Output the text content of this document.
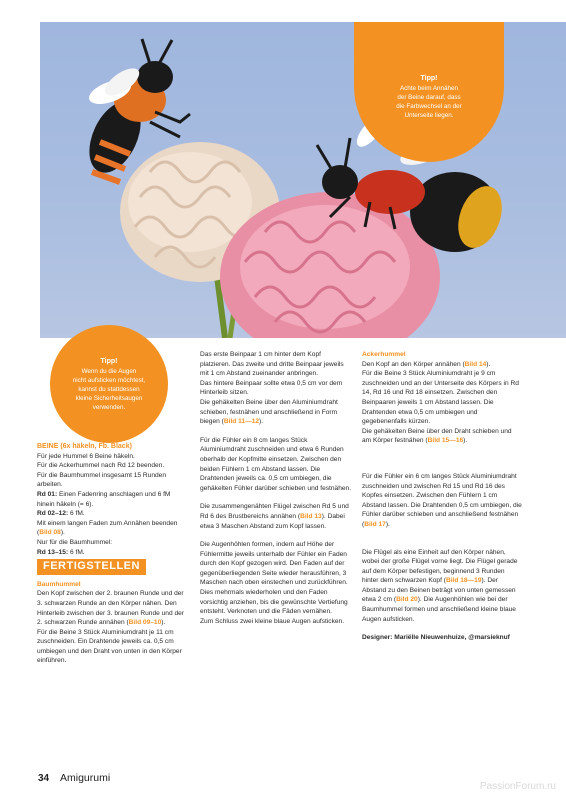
Tipp!
Achte beim Annähen
der Beine darauf, dass
die Farbwechsel an der
Unterseite liegen.
Tipp!
Wenn du die Augen
nicht aufsticken möchtest,
kannst du stattdessen
kleine Sicherheitsaugen
verwenden.
BEINE (6x häkeln, Fb. Black)
Für jede Hummel 6 Beine häkeln.
Für die Ackerhummel nach Rd 12 beenden.
Für die Baumhummel insgesamt 15 Runden arbeiten.
Rd 01: Einen Fadenring anschlagen und 6 fM hinein häkeln (= 6).
Rd 02–12: 6 fM.
Mit einem langen Faden zum Annähen beenden (Bild 08).
Nur für die Baumhummel:
Rd 13–15: 6 fM.
FERTIGSTELLEN
Baumhummel
Den Kopf zwischen der 2. braunen Runde und der 3. schwarzen Runde an den Körper nähen. Den Hinterleib zwischen der 3. braunen Runde und der 2. schwarzen Runde annähen (Bild 09–10).
Für die Beine 3 Stück Aluminiumdraht je 11 cm zuschneiden. Ein Drahtende jeweils ca. 0,5 cm umbiegen und den Draht von unten in den Körper einführen.

Das erste Beinpaar 1 cm hinter dem Kopf platzieren. Das zweite und dritte Beinpaar jeweils mit 1 cm Abstand zueinander anbringen.

Das hintere Beinpaar sollte etwa 0,5 cm vor dem Hinterleib sitzen.

Die gehäkelten Beine über den Aluminiumdraht schieben, festnähen und anschließend in Form biegen (Bild 11—12).

Für die Fühler ein 8 cm langes Stück Aluminiumdraht zuschneiden und etwa 6 Runden oberhalb der Kopfmitte einsetzen. Zwischen den beiden Fühlern 1 cm Abstand lassen. Die Drahtenden jeweils ca. 0,5 cm umbiegen, die gehäkelten Fühler darüber schieben und festnähen.

Die zusammengenähten Flügel zwischen Rd 5 und Rd 6 des Brustbereichs annähen (Bild 13). Dabei etwa 3 Maschen Abstand zum Kopf lassen.

Die Augenhöhlen formen, indem auf Höhe der Fühlermitte jeweils unterhalb der Fühler ein Faden durch den Kopf gezogen wird. Den Faden auf der gegenüberliegenden Seite wieder herausführen, 3 Maschen nach oben einstechen und zurückführen. Dies mehrmals wiederholen und den Faden vorsichtig anziehen, bis die gewünschte Vertiefung entsteht. Verknoten und die Fäden vernähen.

Zum Schluss zwei kleine blaue Augen aufsticken.

Ackerhummel

Den Kopf an den Körper annähen (Bild 14).

Für die Beine 3 Stück Aluminiumdraht je 9 cm zuschneiden und an der Unterseite des Körpers in Rd 14, Rd 16 und Rd 18 einsetzen. Zwischen den Beinpaaren jeweils 1 cm Abstand lassen. Die Drahtenden etwa 0,5 cm umbiegen und gegebenenfalls kürzen.

Die gehäkelten Beine über den Draht schieben und am Körper festnähen (Bild 15—16).

Für die Fühler ein 6 cm langes Stück Aluminiumdraht zuschneiden und zwischen Rd 15 und Rd 16 des Kopfes einsetzen. Zwischen den Fühlern 1 cm Abstand lassen. Die Drahtenden 0,5 cm umbiegen, die Fühler darüber schieben und anschließend festnähen (Bild 17).

Die Flügel als eine Einheit auf den Körper nähen, wobei der große Flügel vorne liegt. Die Flügel gerade auf dem Körper befestigen, beginnend 3 Runden hinter dem schwarzen Kopf (Bild 18—19). Der Abstand zu den Beinen beträgt von unten gemessen etwa 2 cm (Bild 20). Die Augenhöhlen wie bei der Baumhummel formen und anschließend kleine blaue Augen aufsticken.

Designer: Mariëlle Nieuwenhuize, @marsieknuf

34 Amigurumi
PassionForum.ru
